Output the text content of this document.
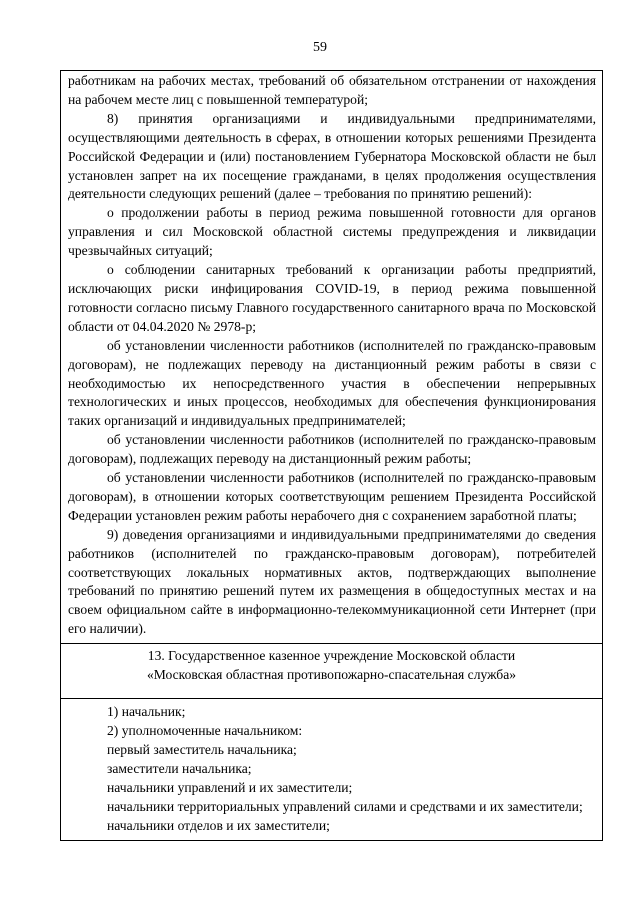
59

работникам на рабочих местах, требований об обязательном отстранении от нахождения на рабочем месте лиц с повышенной температурой;

8) принятия организациями и индивидуальными предпринимателями, осуществляющими деятельность в сферах, в отношении которых решениями Президента Российской Федерации и (или) постановлением Губернатора Московской области не был установлен запрет на их посещение гражданами, в целях продолжения осуществления деятельности следующих решений (далее – требования по принятию решений):

о продолжении работы в период режима повышенной готовности для органов управления и сил Московской областной системы предупреждения и ликвидации чрезвычайных ситуаций;

о соблюдении санитарных требований к организации работы предприятий, исключающих риски инфицирования COVID-19, в период режима повышенной готовности согласно письму Главного государственного санитарного врача по Московской области от 04.04.2020 № 2978-р;

об установлении численности работников (исполнителей по гражданско-правовым договорам), не подлежащих переводу на дистанционный режим работы в связи с необходимостью их непосредственного участия в обеспечении непрерывных технологических и иных процессов, необходимых для обеспечения функционирования таких организаций и индивидуальных предпринимателей;

об установлении численности работников (исполнителей по гражданско-правовым договорам), подлежащих переводу на дистанционный режим работы;

об установлении численности работников (исполнителей по гражданско-правовым договорам), в отношении которых соответствующим решением Президента Российской Федерации установлен режим работы нерабочего дня с сохранением заработной платы;

9) доведения организациями и индивидуальными предпринимателями до сведения работников (исполнителей по гражданско-правовым договорам), потребителей соответствующих локальных нормативных актов, подтверждающих выполнение требований по принятию решений путем их размещения в общедоступных местах и на своем официальном сайте в информационно-телекоммуникационной сети Интернет (при его наличии).

13. Государственное казенное учреждение Московской области
«Московская областная противопожарно-спасательная служба»

1) начальник;

2) уполномоченные начальником:

первый заместитель начальника;

заместители начальника;

начальники управлений и их заместители;

начальники территориальных управлений силами и средствами и их заместители;

начальники отделов и их заместители;
